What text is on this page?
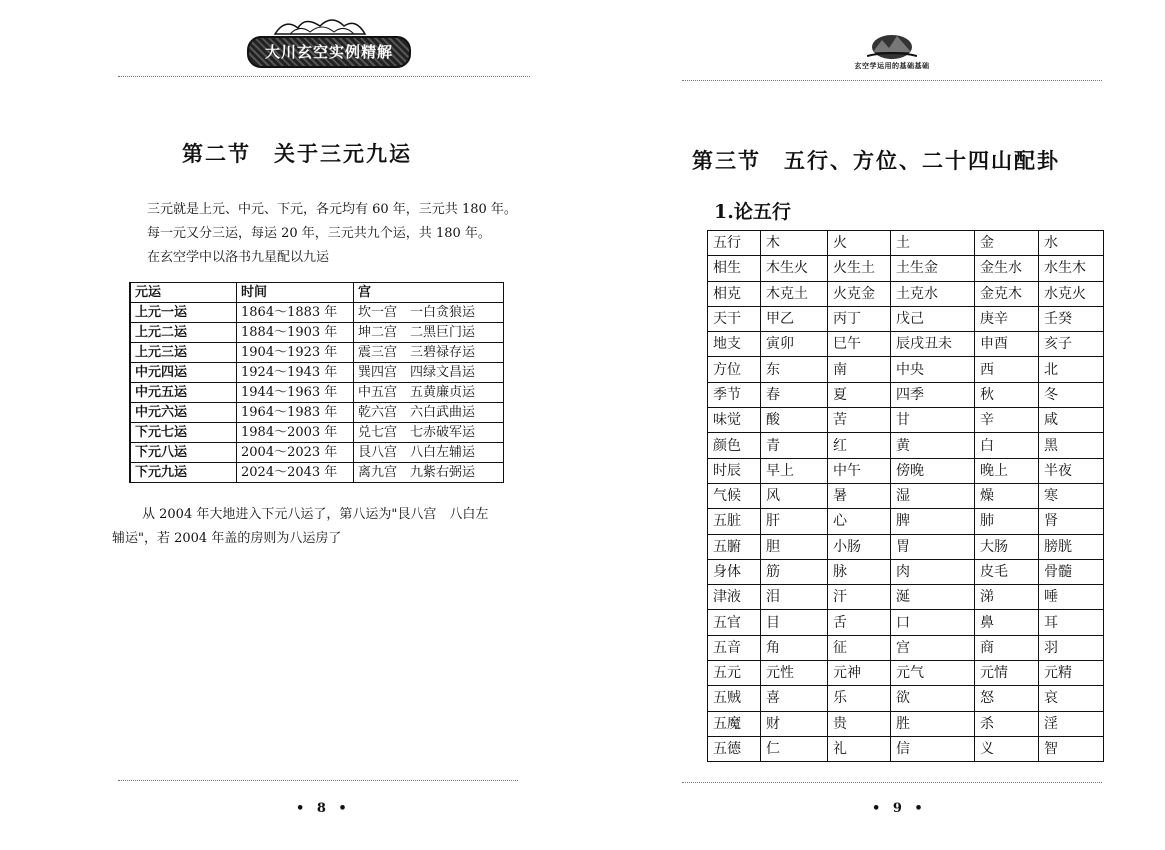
大川玄空实例精解
第二节　关于三元九运
三元就是上元、中元、下元，各元均有 60 年，三元共 180 年。
每一元又分三运，每运 20 年，三元共九个运，共 180 年。
在玄空学中以洛书九星配以九运
元运	时间	宫
上元一运	1864～1883 年	坎一宫　一白贪狼运
上元二运	1884～1903 年	坤二宫　二黑巨门运
上元三运	1904～1923 年	震三宫　三碧禄存运
中元四运	1924～1943 年	巽四宫　四绿文昌运
中元五运	1944～1963 年	中五宫　五黄廉贞运
中元六运	1964～1983 年	乾六宫　六白武曲运
下元七运	1984～2003 年	兑七宫　七赤破军运
下元八运	2004～2023 年	艮八宫　八白左辅运
下元九运	2024～2043 年	离九宫　九紫右弼运
从 2004 年大地进入下元八运了，第八运为"艮八宫　八白左
辅运"，若 2004 年盖的房则为八运房了
• 8 •
玄空学运用的基础基础
第三节　五行、方位、二十四山配卦
1.论五行
五行	木	火	土	金	水
相生	木生火	火生土	土生金	金生水	水生木
相克	木克土	火克金	土克水	金克木	水克火
天干	甲乙	丙丁	戊己	庚辛	壬癸
地支	寅卯	巳午	辰戌丑未	申酉	亥子
方位	东	南	中央	西	北
季节	春	夏	四季	秋	冬
味觉	酸	苦	甘	辛	咸
颜色	青	红	黄	白	黑
时辰	早上	中午	傍晚	晚上	半夜
气候	风	暑	湿	燥	寒
五脏	肝	心	脾	肺	肾
五腑	胆	小肠	胃	大肠	膀胱
身体	筋	脉	肉	皮毛	骨髓
津液	泪	汗	涎	涕	唾
五官	目	舌	口	鼻	耳
五音	角	征	宫	商	羽
五元	元性	元神	元气	元情	元精
五贼	喜	乐	欲	怒	哀
五魔	财	贵	胜	杀	淫
五德	仁	礼	信	义	智
• 9 •
